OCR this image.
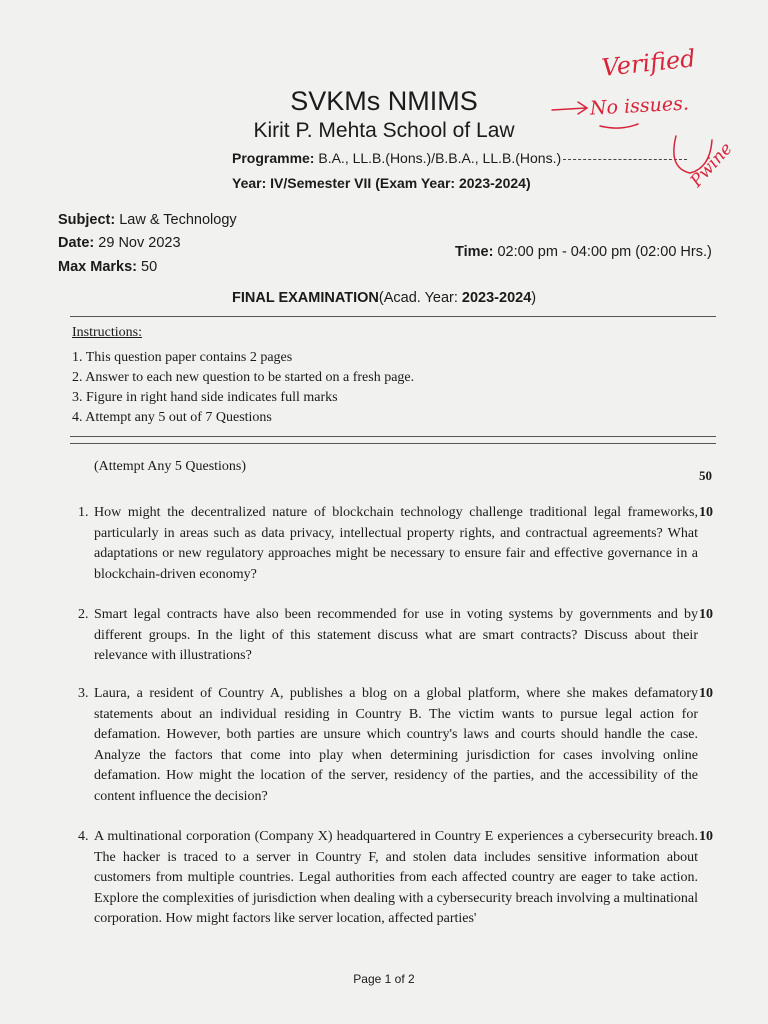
SVKMs NMIMS
Kirit P. Mehta School of Law
Programme: B.A., LL.B.(Hons.)/B.B.A., LL.B.(Hons.)
Year: IV/Semester VII (Exam Year: 2023-2024)
Subject: Law & Technology
Date: 29 Nov 2023
Max Marks: 50
Time: 02:00 pm - 04:00 pm (02:00 Hrs.)
FINAL EXAMINATION(Acad. Year: 2023-2024)
Instructions:
1. This question paper contains 2 pages
2. Answer to each new question to be started on a fresh page.
3. Figure in right hand side indicates full marks
4. Attempt any 5 out of 7 Questions
(Attempt Any 5 Questions)
50
1. How might the decentralized nature of blockchain technology challenge traditional legal frameworks, particularly in areas such as data privacy, intellectual property rights, and contractual agreements? What adaptations or new regulatory approaches might be necessary to ensure fair and effective governance in a blockchain-driven economy?
10
2. Smart legal contracts have also been recommended for use in voting systems by governments and by different groups. In the light of this statement discuss what are smart contracts? Discuss about their relevance with illustrations?
10
3. Laura, a resident of Country A, publishes a blog on a global platform, where she makes defamatory statements about an individual residing in Country B. The victim wants to pursue legal action for defamation. However, both parties are unsure which country's laws and courts should handle the case. Analyze the factors that come into play when determining jurisdiction for cases involving online defamation. How might the location of the server, residency of the parties, and the accessibility of the content influence the decision?
10
4. A multinational corporation (Company X) headquartered in Country E experiences a cybersecurity breach. The hacker is traced to a server in Country F, and stolen data includes sensitive information about customers from multiple countries. Legal authorities from each affected country are eager to take action. Explore the complexities of jurisdiction when dealing with a cybersecurity breach involving a multinational corporation. How might factors like server location, affected parties'
10
Page 1 of 2
Verified
No issues.
Pwine
